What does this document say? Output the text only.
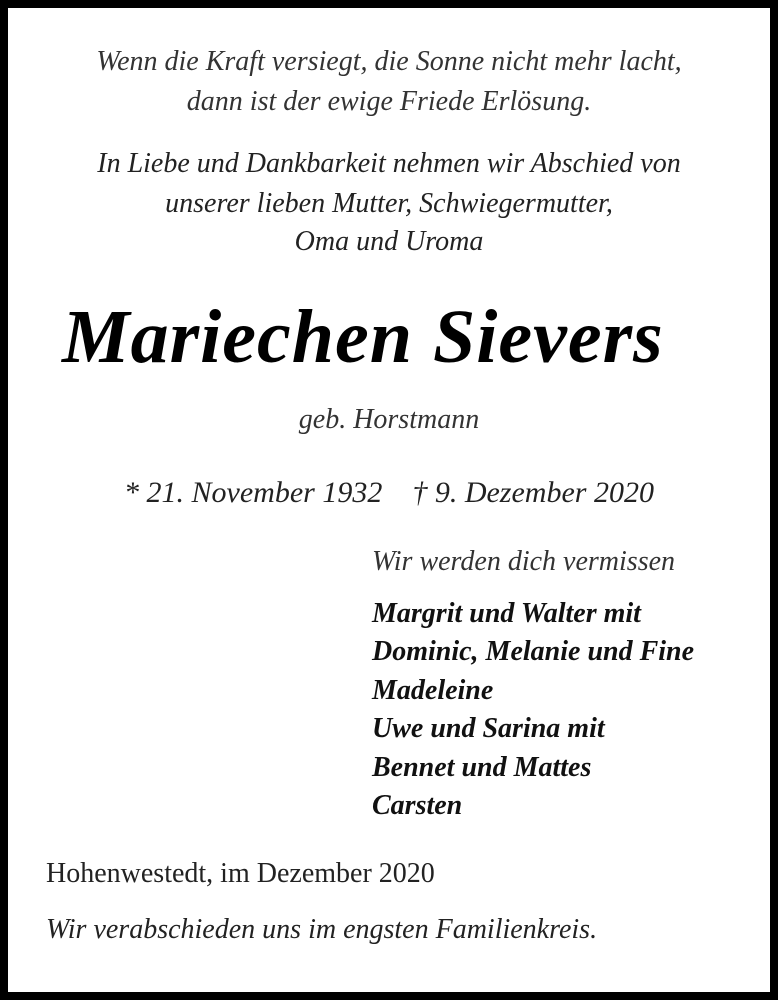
Wenn die Kraft versiegt, die Sonne nicht mehr lacht,
dann ist der ewige Friede Erlösung.
In Liebe und Dankbarkeit nehmen wir Abschied von
unserer lieben Mutter, Schwiegermutter,
Oma und Uroma
Mariechen Sievers
geb. Horstmann
* 21. November 1932    † 9. Dezember 2020
Wir werden dich vermissen
Margrit und Walter mit
Dominic, Melanie und Fine
Madeleine
Uwe und Sarina mit
Bennet und Mattes
Carsten
Hohenwestedt, im Dezember 2020
Wir verabschieden uns im engsten Familienkreis.
